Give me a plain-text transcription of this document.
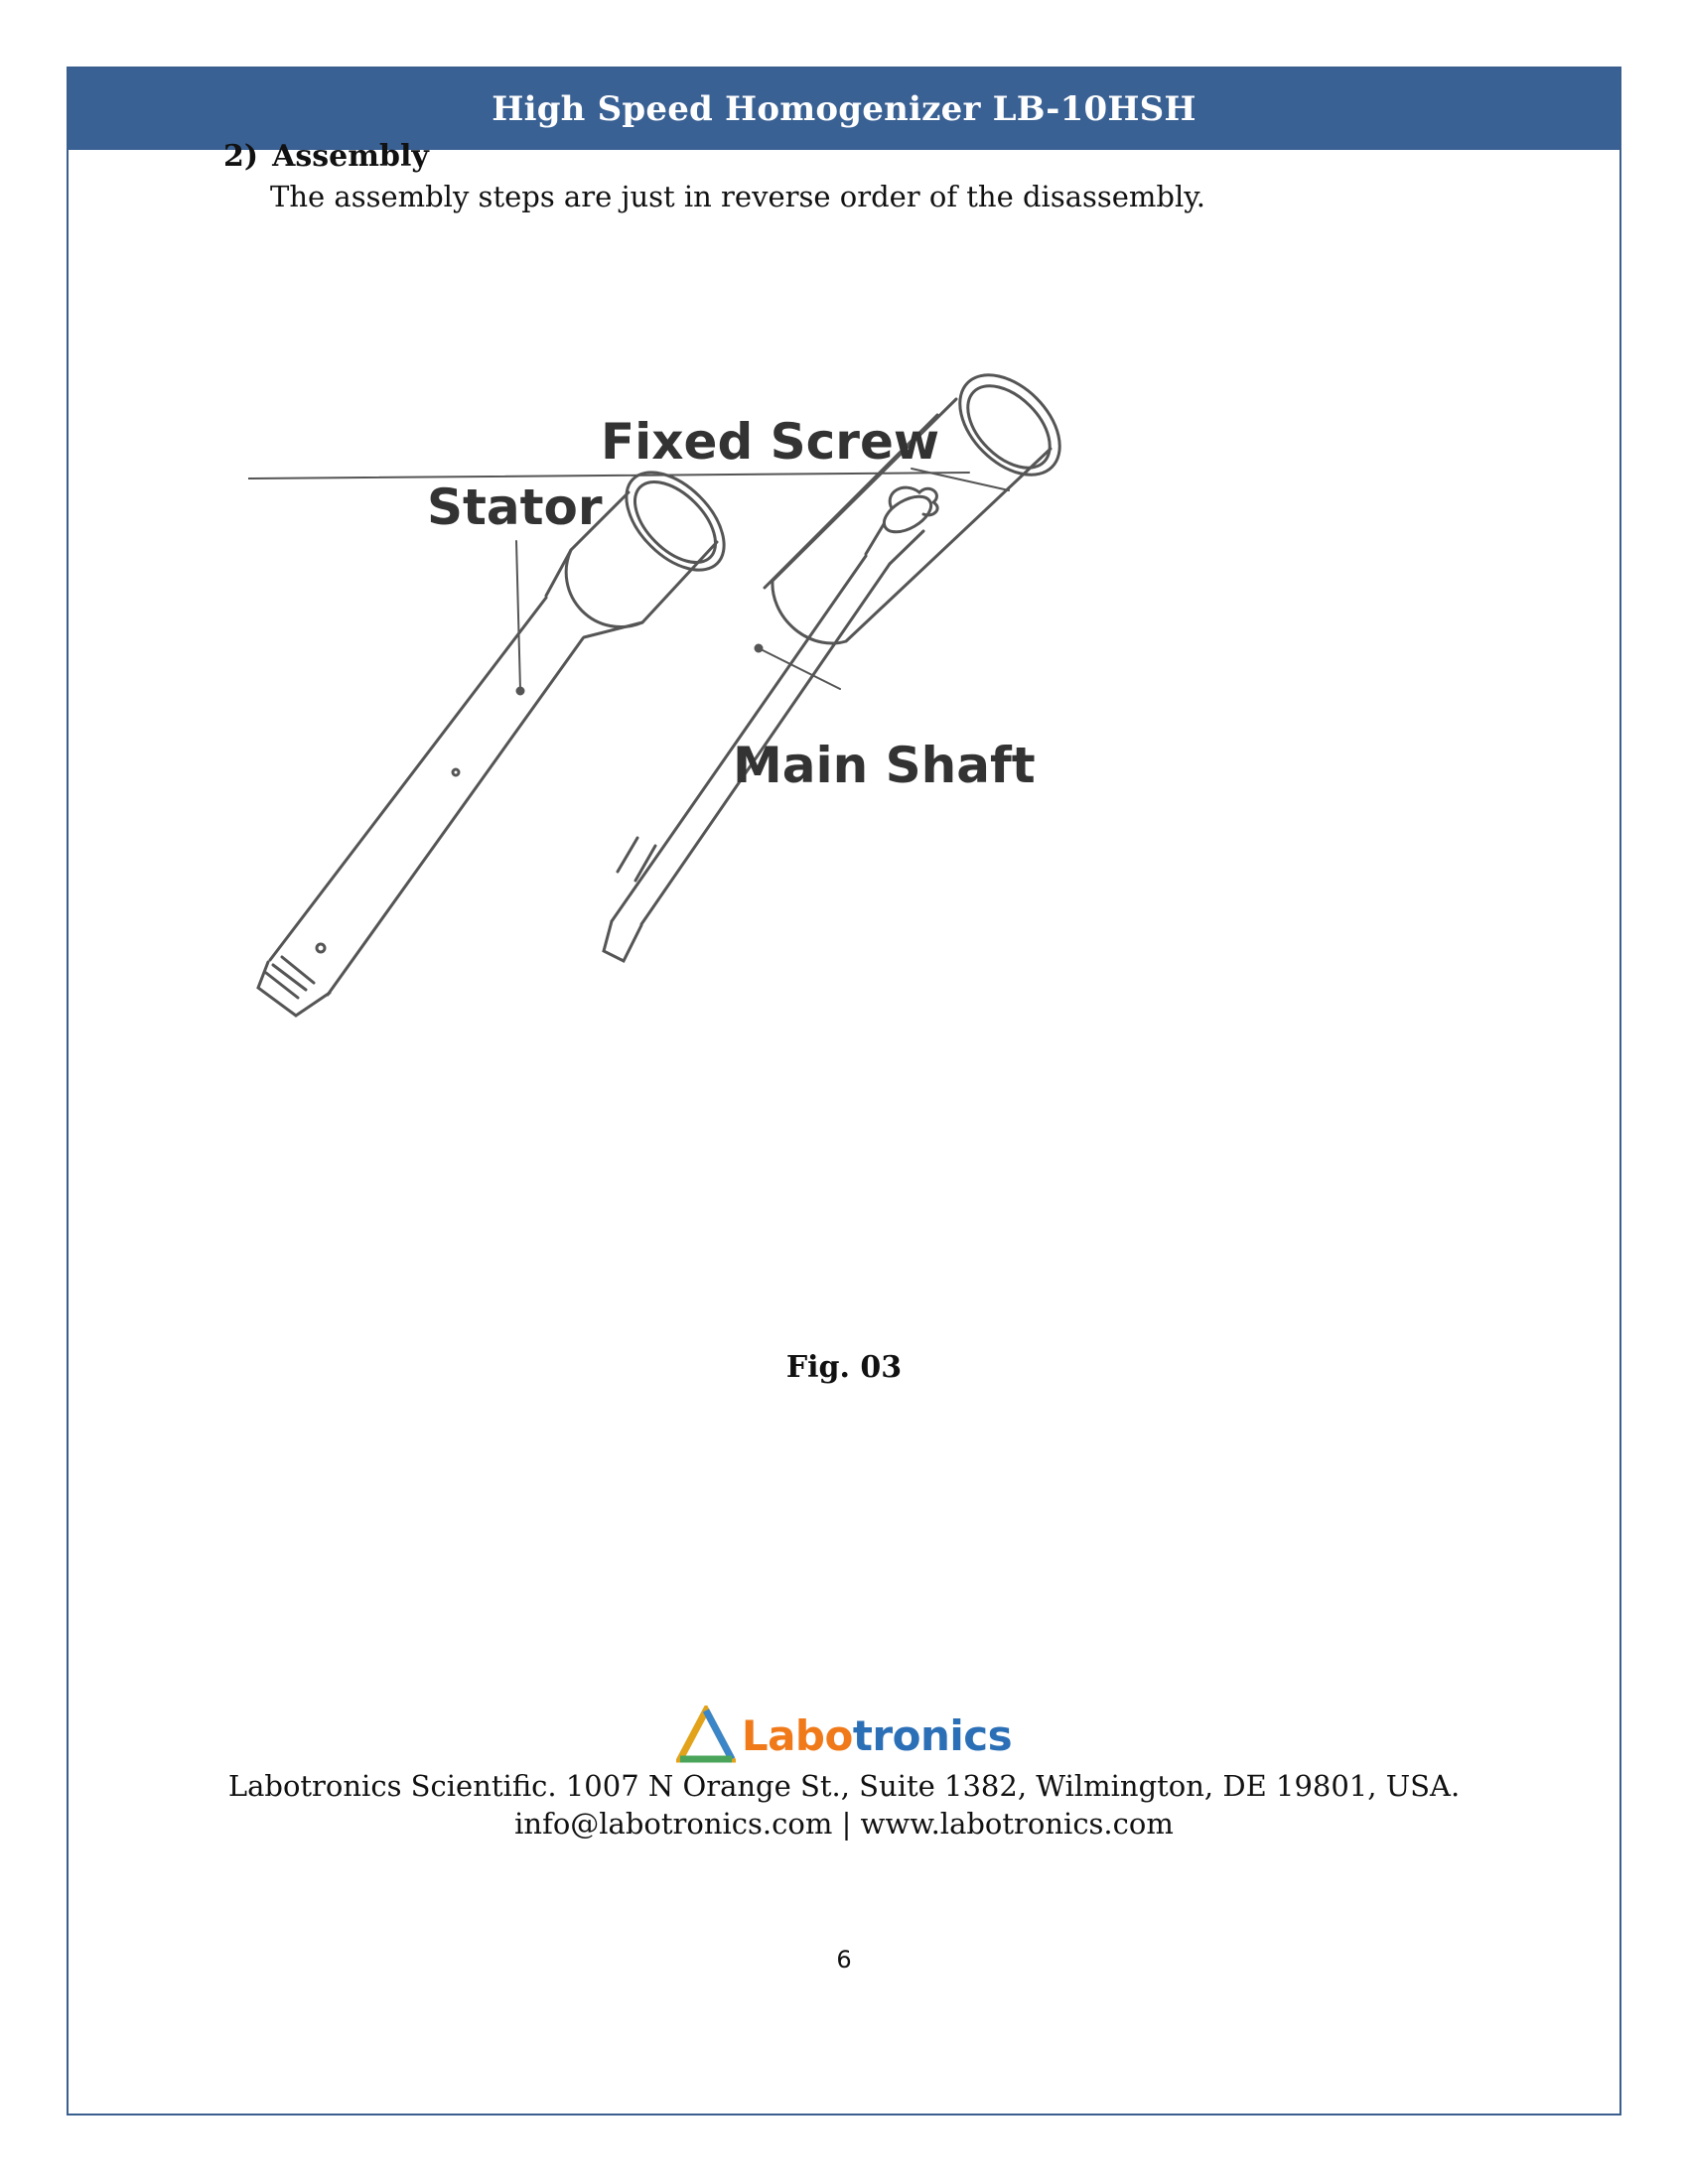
High Speed Homogenizer LB-10HSH
2) Assembly
The assembly steps are just in reverse order of the disassembly.
Fixed Screw
Stator
Main Shaft
Fig. 03
Labotronics
Labotronics Scientific. 1007 N Orange St., Suite 1382, Wilmington, DE 19801, USA.
info@labotronics.com | www.labotronics.com
6
